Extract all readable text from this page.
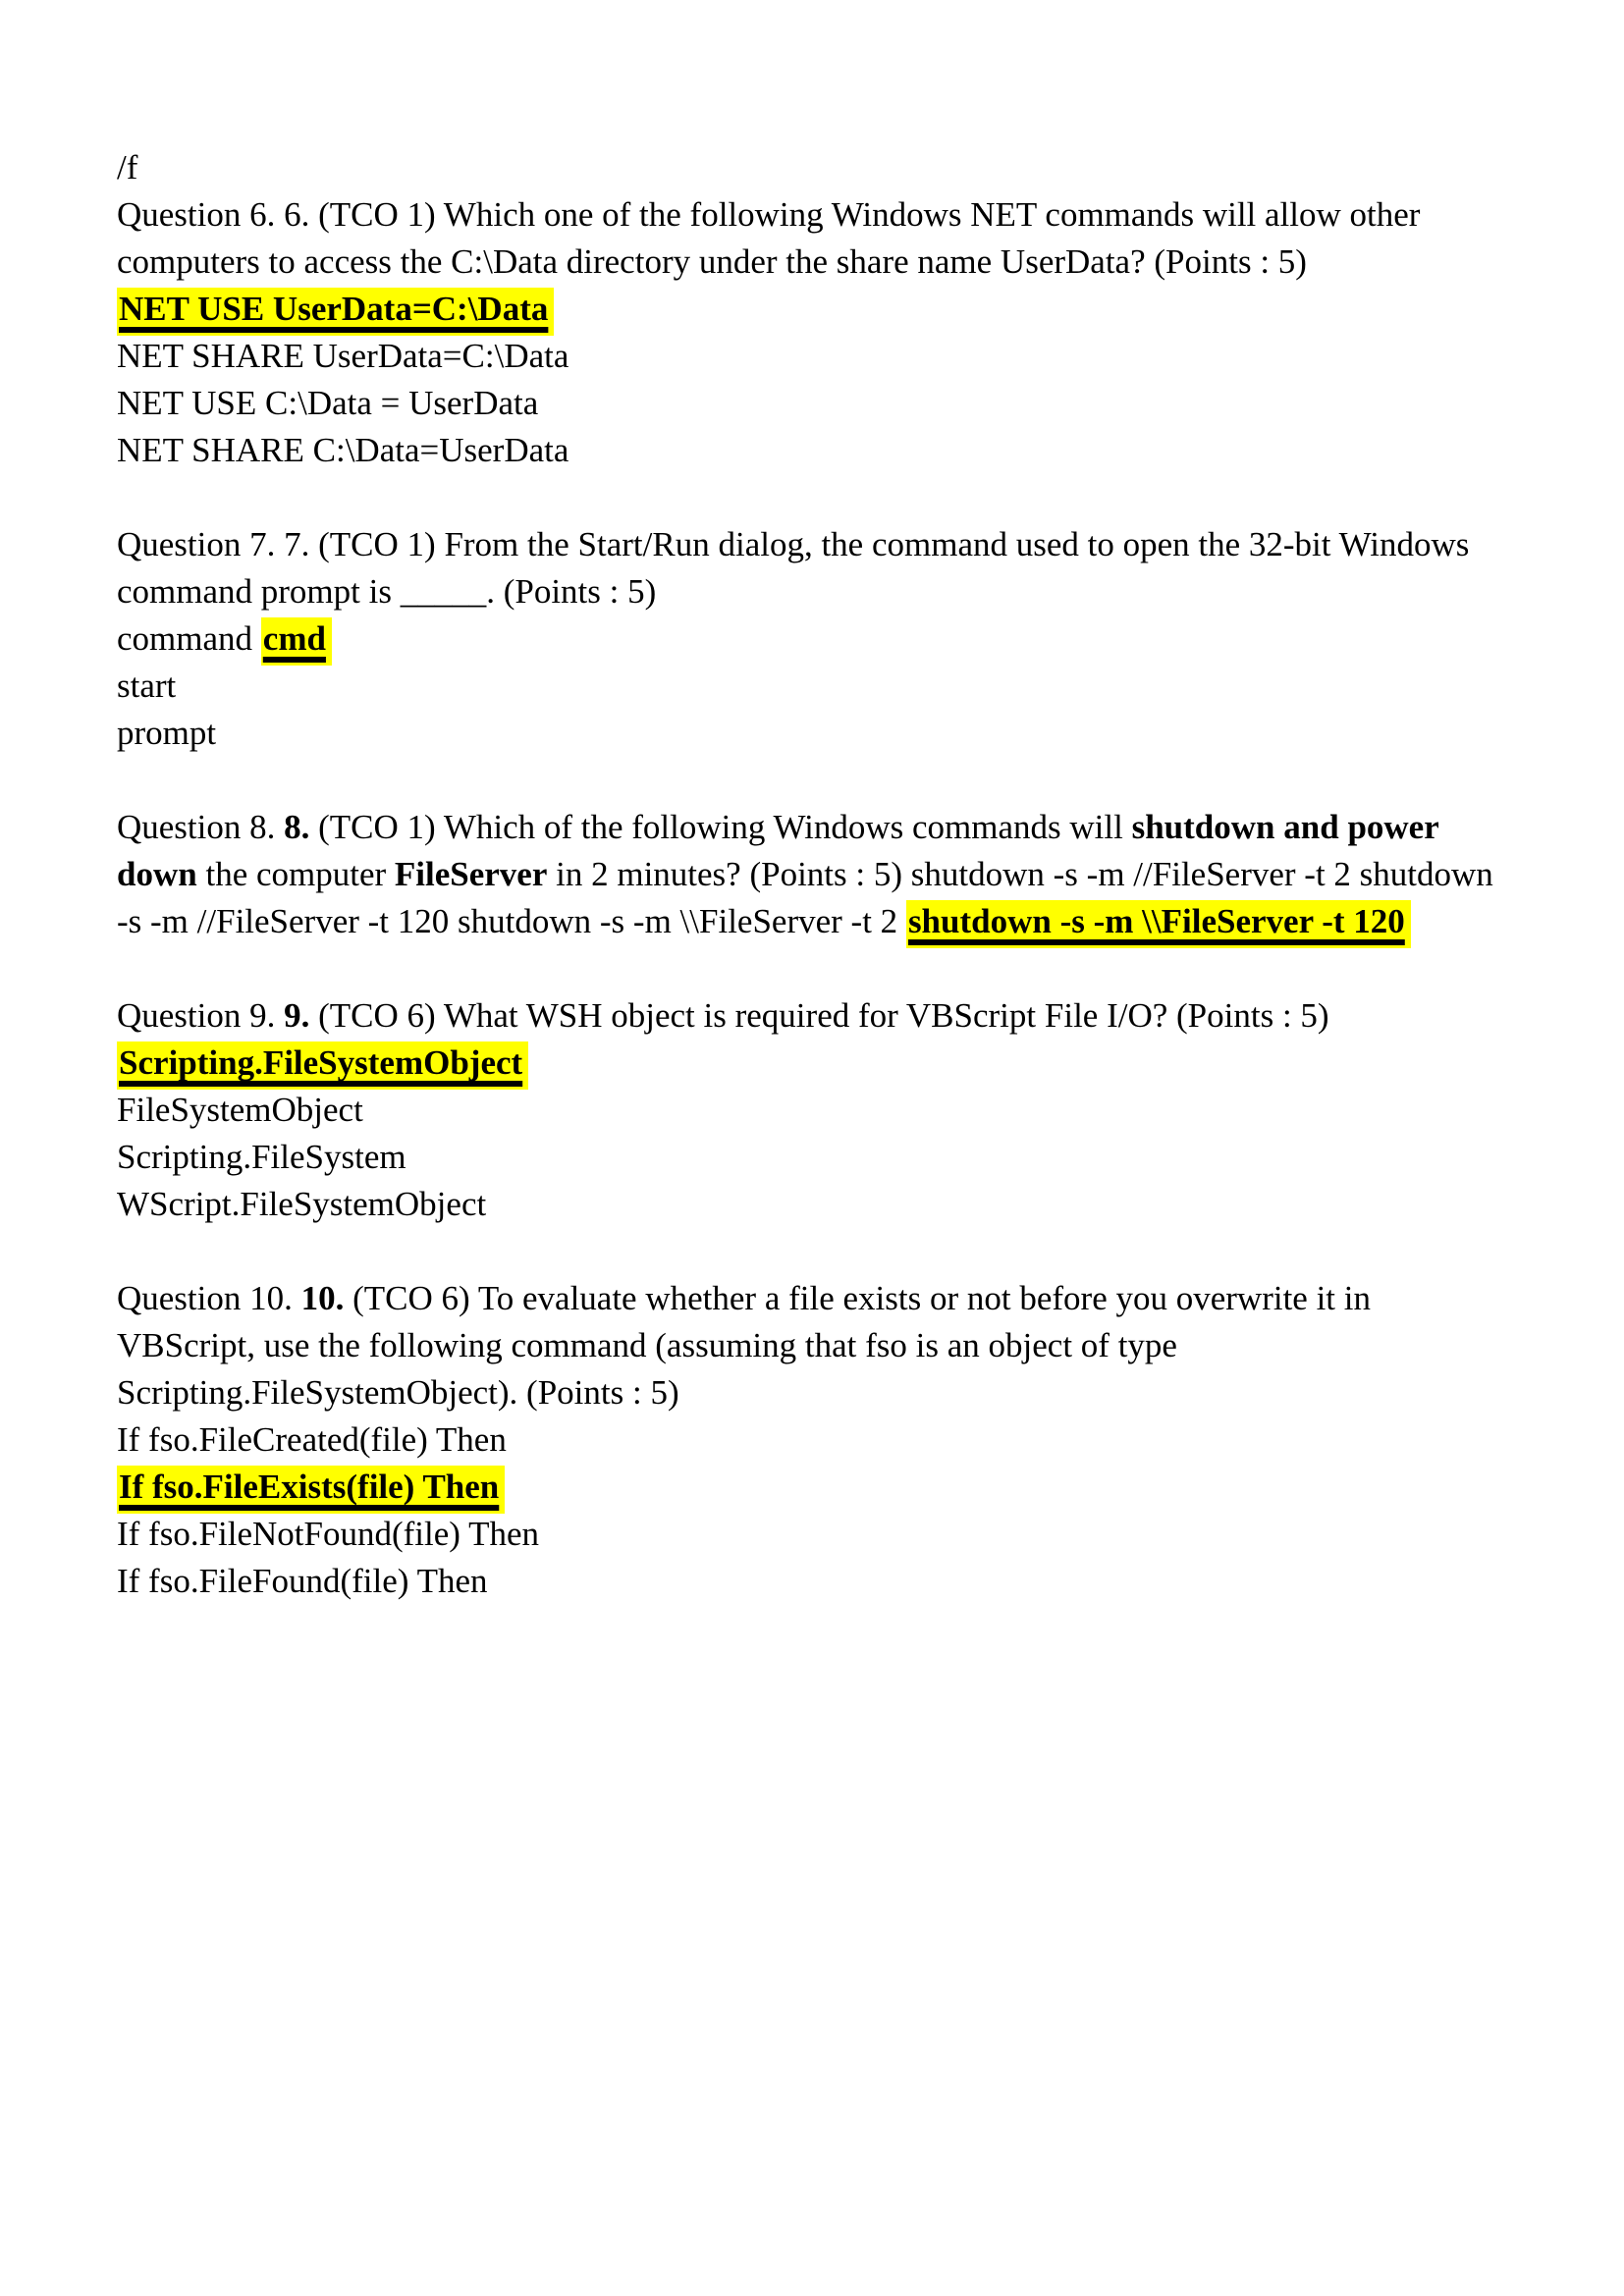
/f

Question 6. 6. (TCO 1) Which one of the following Windows NET commands will allow other computers to access the C:\Data directory under the share name UserData? (Points : 5)

NET USE UserData=C:\Data

NET SHARE UserData=C:\Data

NET USE C:\Data = UserData

NET SHARE C:\Data=UserData

Question 7. 7. (TCO 1) From the Start/Run dialog, the command used to open the 32-bit Windows command prompt is _____. (Points : 5)

command cmd

start

prompt

Question 8. 8. (TCO 1) Which of the following Windows commands will shutdown and power down the computer FileServer in 2 minutes? (Points : 5) shutdown -s -m //FileServer -t 2 shutdown -s -m //FileServer -t 120 shutdown -s -m \\FileServer -t 2 shutdown -s -m \\FileServer -t 120

Question 9. 9. (TCO 6) What WSH object is required for VBScript File I/O? (Points : 5)

Scripting.FileSystemObject

FileSystemObject

Scripting.FileSystem

WScript.FileSystemObject

Question 10. 10. (TCO 6) To evaluate whether a file exists or not before you overwrite it in VBScript, use the following command (assuming that fso is an object of type Scripting.FileSystemObject). (Points : 5)

If fso.FileCreated(file) Then

If fso.FileExists(file) Then

If fso.FileNotFound(file) Then

If fso.FileFound(file) Then
